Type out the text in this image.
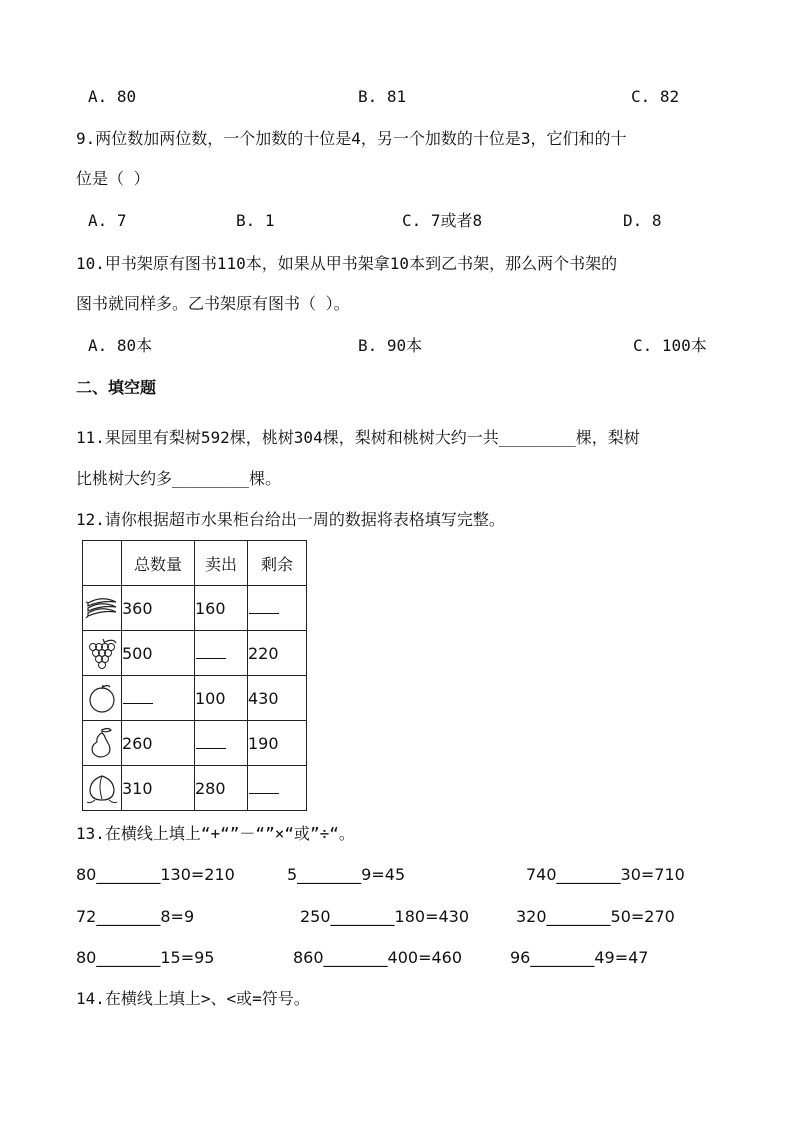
A. 80	B. 81	C. 82
9.两位数加两位数，一个加数的十位是4，另一个加数的十位是3，它们和的十
位是（ ）
A. 7	B. 1	C. 7或者8	D. 8
10.甲书架原有图书110本，如果从甲书架拿10本到乙书架，那么两个书架的
图书就同样多。乙书架原有图书（ ）。
A. 80本	B. 90本	C. 100本
二、填空题
11.果园里有梨树592棵，桃树304棵，梨树和桃树大约一共________棵，梨树
比桃树大约多________棵。
12.请你根据超市水果柜台给出一周的数据将表格填写完整。
	总数量	卖出	剩余

	360	160	

	500		220

		100	430

	260		190

	310	280	
13.在横线上填上“+“”－“”×“或”÷“。
80________130=210	5________9=45	740________30=710
72________8=9	250________180=430	320________50=270
80________15=95	860________400=460	96________49=47
14.在横线上填上>、<或=符号。
